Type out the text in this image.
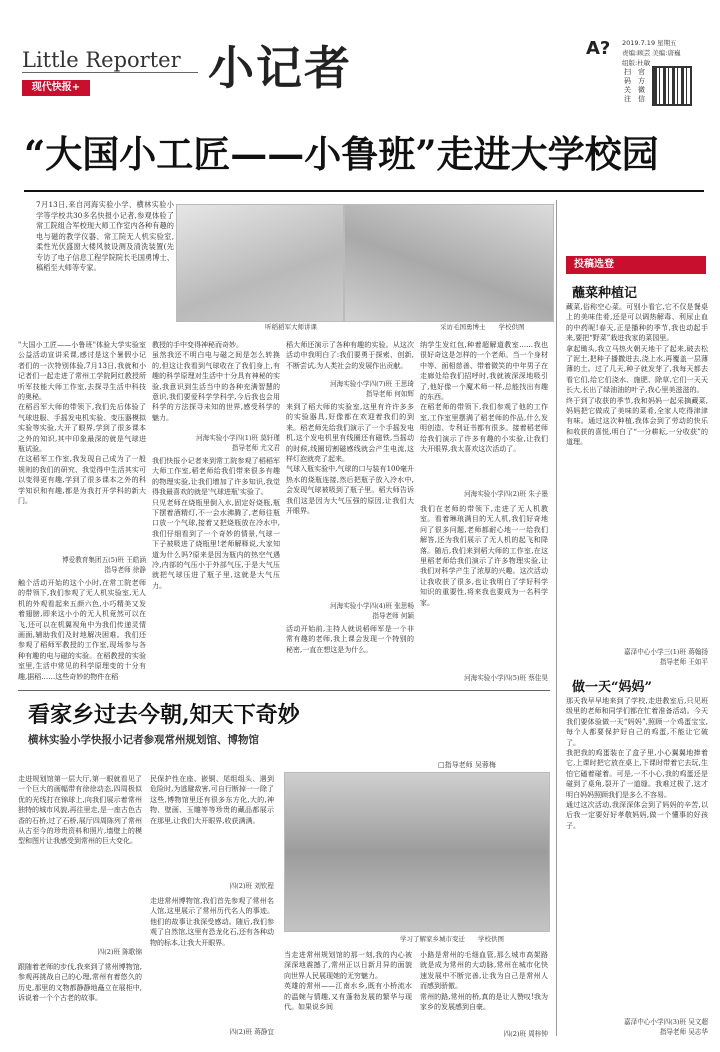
Little Reporter 小记者
现代快报+
A? 2019.7.19 星期五
责编:顾芸 美编:唐巍
组版:杜敏
扫 码 关 注
官 方 微 信
“大国小工匠——小鲁班”走进大学校园
7月13日,来自河海实验小学、横林实验小学等学校共30多名快报小记者,参观体验了常工院组合军校现大师工作室内各种有趣的电与磁的教学仪器、常工院无人机实验室,柔性光伏盛窗大楼风彼设测及清洗装置(先专访了电子信息工程学院院长毛国勇博士、稿稻至大师等专家。
听稻稻军大师讲课	采访毛国勇博士　　学校供图
"大国小工匠——小鲁班"体验大学实验室公益活动宣讲采课,感讨是这个暑假小记者们的一次特别体验,7月13日,我就和小记者们一起走进了常州工学院阿红教授所听军技能大师工作室,去探寻生活中科技的奥秘。
在稻舀军大师的带领下,我们先后体验了气球进服、手摇发电机实验、变压器模拟实验等实验,大开了眼界,学到了很多课本之外的知识,其中印象最深的就是气球进瓶试验。
在这稻军工作室,我发现自己成为了一般规则的我们的研究、我觉得中生活其实可以变得更有趣,学到了很多课本之外的科学知识和有趣,都是为我打开学科的新大门。
博爱教育集团五(5)班 王皓涵
指导老师 徐静
触个活动开始的这个小时,在常工院老师的带领下,我们参观了无人机实验室,无人机的外观看起来五颜六色,小巧精美又发着翅膀,即来这小小的无人机竟然可以在飞,还可以在机翼视角中为我们传递灵情画面,辅助我们及时地解决困难。我们还参观了稻师军教授的工作室,现场参与各种有趣的电与磁的实验。在稻教授的实验室里,生活中常见的科学原理变的十分有趣,据稻……这些奇妙的物件在稻
教授的手中变得神秘而奇妙。
虽然我还不明白电与磁之间是怎么转换的,但这让我看到气球收在了我们身上,有趣的科学原理对生活中十分具有神秘的实验,我意识到生活当中的各种充满智慧的意识,我们要爱科学学科学,今后我也会用科学的方法探寻未知的世界,感受科学的魅力。
河海实验小学四(1)班 莫轩瑾
指导老师 尤文君
我们快报小记者来到常工院参观了稻稻军大师工作室,稻老师给我们带来很多有趣的物理实验,让我们增加了许多知识,我觉得我最喜欢的就是'气球进瓶'实验了。
只见老师在烧瓶里倒入水,固定好烧瓶,瓶下摆着酒精灯,不一会水沸腾了,老师往瓶口放一个气球,接着又把烧瓶放在冷水中,我们仔细看到了一个奇妙的情景,气球一下子被吸进了烧瓶里!老师解释说,大家知道为什么吗?原来是因为瓶内的热空气遇冷,内部的气压小于外部气压,于是大气压就把气球压进了瓶子里,这就是大气压力。
稻大师还演示了各种有趣的实验。从这次活动中我明白了:我们要勇于探索、创新,不断尝试,为人类社会的发展作出贡献。
河海实验小学四(7)班 王思琦
指导老师 何如辉
来到了稻大师的实验室,这里有许许多多的实验器具,好像都在欢迎着我们的到来。稻老师先给我们演示了一个手摇发电机,这个发电机里有线圈还有磁铁,当摇动的时候,线圈切割磁感线就会产生电流,这样灯泡就亮了起来。
气球入瓶实验中,气球的口与装有100毫升热水的烧瓶连接,然后把瓶子放入冷水中,会发现气球被吸到了瓶子里。稻大师告诉我们这是因为大气压强的原因,让我们大开眼界。
河海实验小学四(4)班 张思畅
指导老师 何颖
活动开始前,主持人就说稻师军是一个非常有趣的老师,我上课会发现一个特别的秘密,一直在想这是为什么。
纳学生发红包,种着超解道教室……我也很好奇这是怎样的一个老师。当一个身材中等、面相慈善、带着微笑的中年男子在走廊处给我们招呼时,我就被深深地吸引了,他好像一个魔术师一样,总能找出有趣的东西。
在稻老师的带领下,我们参观了他的工作室,工作室里摆满了稻老师的作品,什么发明创造、专利证书都有很多。接着稻老师给我们演示了许多有趣的小实验,让我们大开眼界,我太喜欢这次活动了。
河海实验小学四(2)班 朱子墨
我们在老师的带领下,走进了无人机教室。看着琳琅满目的无人机,我们好奇地问了很多问题,老师都耐心地一一给我们解答,还为我们展示了无人机的起飞和降落。随后,我们来到稻大师的工作室,在这里稻老师给我们演示了许多物理实验,让我们对科学产生了浓厚的兴趣。这次活动让我收获了很多,也让我明白了学好科学知识的重要性,将来我也要成为一名科学家。
河海实验小学四(5)班 蔡佳昊
投稿选登
蘸菜种植记
藏菜,俗称空心菜。可别小看它,它不仅是餐桌上的美味佳肴,还是可以调热解毒、利尿止血的中药呢!春天,正是播种的季节,我也动起手来,要把“野菜”栽进我家的菜园里。
拿起锄头,我立马热火朝天地干了起来,破去松了泥土,把种子播撒进去,浇上水,再覆盖一层薄薄的土。过了几天,种子就发芽了,我每天都去看它们,给它们浇水、施肥、除草,它们一天天长大,长出了绿油油的叶子,我心里美滋滋的。
终于到了收获的季节,我和妈妈一起采摘藏菜,妈妈把它做成了美味的菜肴,全家人吃得津津有味。通过这次种植,我体会到了劳动的快乐和收获的喜悦,明白了“一分耕耘,一分收获”的道理。
嘉泽中心小学三(1)班 蒋翰扬
指导老师 王如平
做一天“妈妈”
那天我早早地来到了学校,走进教室后,只见班级里的老师和同学们都在忙着准备活动。今天我们要体验做一天“妈妈”,照顾一个鸡蛋宝宝,每个人都要保护好自己的鸡蛋,不能让它破了。
我把我的鸡蛋装在了盒子里,小心翼翼地捧着它,上课时把它放在桌上,下课时带着它去玩,生怕它磕着碰着。可是,一不小心,我的鸡蛋还是碰到了桌角,裂开了一道缝。我难过极了,这才明白妈妈照顾我们是多么不容易。
通过这次活动,我深深体会到了妈妈的辛苦,以后我一定要好好孝敬妈妈,做一个懂事的好孩子。
嘉泽中心小学四(3)班 吴文超
指导老师 吴志华
看家乡过去今朝,知天下奇妙
横林实验小学快报小记者参观常州规划馆、博物馆
□指导老师 吴蓉梅
走进规划馆第一层大厅,第一眼就看见了一个巨大的画幅带有徐徐动态,四周极似优的光线打在锦球上,向我们展示着常州独特的城市风貌,再往里走,是一座古色古香的石桥,过了石桥,展厅四周陈列了常州从古至今的珍贵资料和照片,墙壁上的模型和图片让我感受到常州的巨大变化。
四(2)班 陈歌锦
跟随着老师的步伐,我来到了常州博物馆,参观再挑战自己的心理,常州有着悠久的历史,那里的文物都静静地矗立在展柜中,诉说着一个个古老的故事。
民保护性在座、嵌铜、尾组组头、遇到危险时,为逃避敌害,可自行断掉一一除了这些,博物馆里还有很多东方化,大的,神物、壁画、玉雕等等珍贵的藏品都展示在那里,让我们大开眼界,收获满满。
四(2)班 刘钦程
走进常州博物馆,我们首先参观了常州名人馆,这里展示了常州历代名人的事迹。他们的故事让我深受感动。随后,我们参观了自然馆,这里有恐龙化石,还有各种动物的标本,让我大开眼界。
四(2)班 蒋静宜
学习了解家乡城市变迁　　学校供图
当走进常州规划馆的那一刻,我的内心被深深地震撼了,常州正以日新月异的面貌向世界人民展现她的无穷魅力。
英雄的常州——江南水乡,既有小桥流水的温婉与情趣,又有蓬勃发展的繁华与现代。如果说乡间
小路是常州的毛细血管,那么城市高架路就是成为常州的大动脉,常州在城市化快速发展中不断完善,让我为自己是常州人而感到骄傲。
常州的路,常州的桥,真的是让人赞叹!我为家乡的发展感到自豪。
四(2)班 周梓钟
